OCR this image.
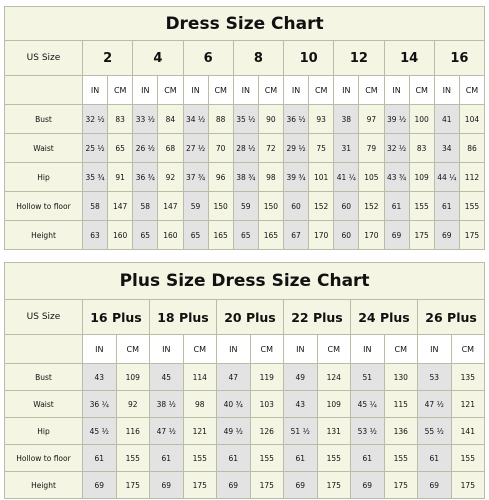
Dress Size Chart																
US Size	2		4		6		8		10		12		14		16	
	IN	CM	IN	CM	IN	CM	IN	CM	IN	CM	IN	CM	IN	CM	IN	CM
Bust	32 ½	83	33 ½	84	34 ½	88	35 ½	90	36 ½	93	38	97	39 ½	100	41	104
Waist	25 ½	65	26 ½	68	27 ½	70	28 ½	72	29 ½	75	31	79	32 ½	83	34	86
Hip	35 ¾	91	36 ¾	92	37 ¾	96	38 ¾	98	39 ¾	101	41 ¼	105	43 ¾	109	44 ¼	112
Hollow to floor	58	147	58	147	59	150	59	150	60	152	60	152	61	155	61	155
Height	63	160	65	160	65	165	65	165	67	170	60	170	69	175	69	175
Plus Size Dress Size Chart												
US Size	16 Plus		18 Plus		20 Plus		22 Plus		24 Plus		26 Plus	
	IN	CM	IN	CM	IN	CM	IN	CM	IN	CM	IN	CM
Bust	43	109	45	114	47	119	49	124	51	130	53	135
Waist	36 ¼	92	38 ½	98	40 ¾	103	43	109	45 ¼	115	47 ½	121
Hip	45 ½	116	47 ½	121	49 ½	126	51 ½	131	53 ½	136	55 ½	141
Hollow to floor	61	155	61	155	61	155	61	155	61	155	61	155
Height	69	175	69	175	69	175	69	175	69	175	69	175
